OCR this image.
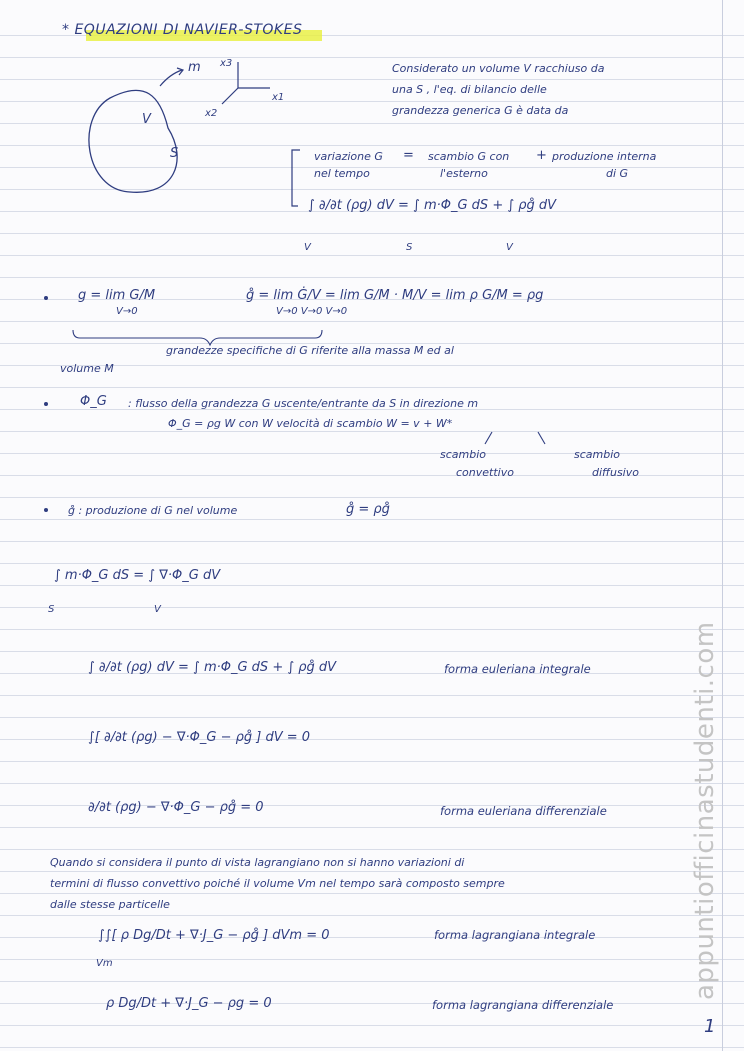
* EQUAZIONI DI NAVIER-STOKES
m x3
x1
x2
V
S
Considerato un volume V racchiuso da
una S , l'eq. di bilancio delle
grandezza generica G è data da
variazione G
nel tempo
= scambio G con
l'esterno
+ produzione interna
di G
∫ ∂/∂t (ρg) dV = ∫ m·Φ_G dS + ∫ ρg̊ dV
V	S	V
g = lim G/M
V→0
g̊ = lim Ġ/V = lim G/M · M/V = lim ρ G/M = ρg
V→0 V→0 V→0
grandezze specifiche di G riferite alla massa M ed al
volume M
Φ_G : flusso della grandezza G uscente/entrante da S in direzione m
Φ_G = ρg W con W velocità di scambio W = v + W*
scambio
convettivo
scambio
diffusivo
g̊ : produzione di G nel volume	g̊ = ρg̊
∫ m·Φ_G dS = ∫ ∇·Φ_G dV
S	V
∫ ∂/∂t (ρg) dV = ∫ m·Φ_G dS + ∫ ρg̊ dV	forma euleriana integrale
∫[ ∂/∂t (ρg) − ∇·Φ_G − ρg̊ ] dV = 0
∂/∂t (ρg) − ∇·Φ_G − ρg̊ = 0	forma euleriana differenziale
Quando si considera il punto di vista lagrangiano non si hanno variazioni di
termini di flusso convettivo poiché il volume Vm nel tempo sarà composto sempre
dalle stesse particelle
∫∫[ ρ Dg/Dt + ∇·J_G − ρg̊ ] dVm = 0
Vm
forma lagrangiana integrale
ρ Dg/Dt + ∇·J_G − ρg = 0	forma lagrangiana differenziale
appuntiofficinastudenti.com
1
